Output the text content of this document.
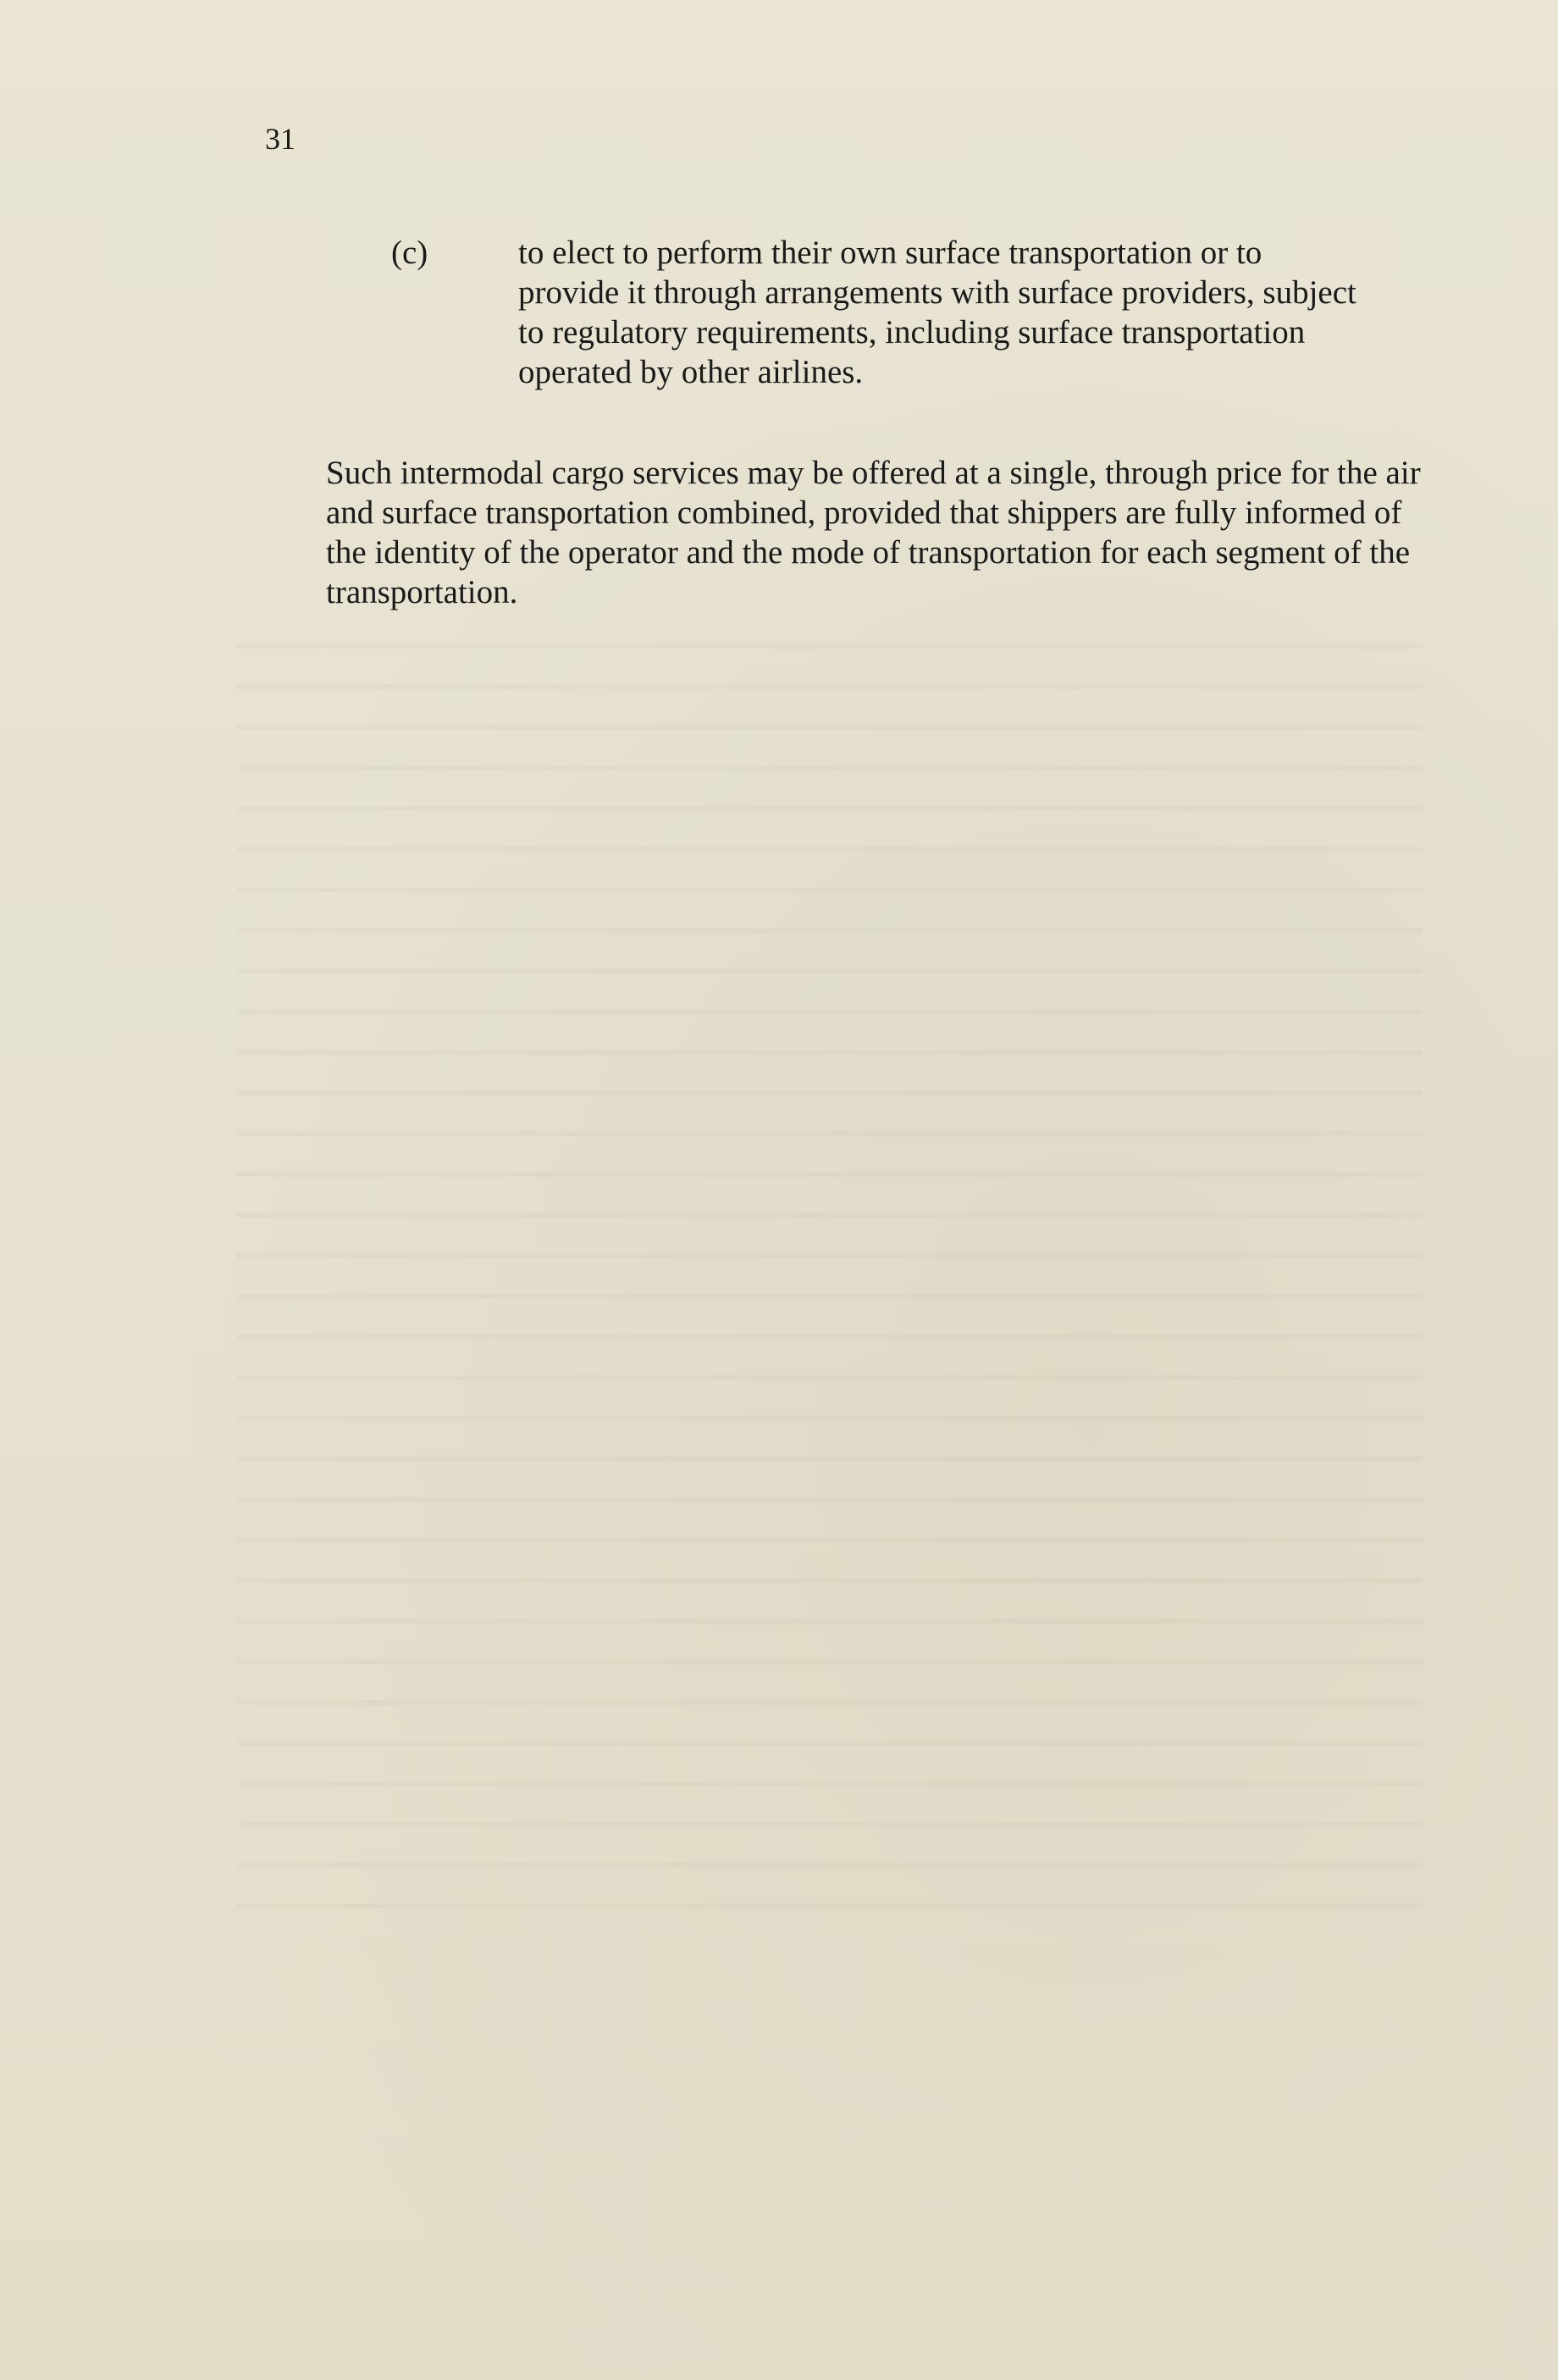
31
(c)	to elect to perform their own surface transportation or to provide it through arrangements with surface providers, subject to regulatory requirements, including surface transportation operated by other airlines.
Such intermodal cargo services may be offered at a single, through price for the air and surface transportation combined, provided that shippers are fully informed of the identity of the operator and the mode of transportation for each segment of the transportation.
